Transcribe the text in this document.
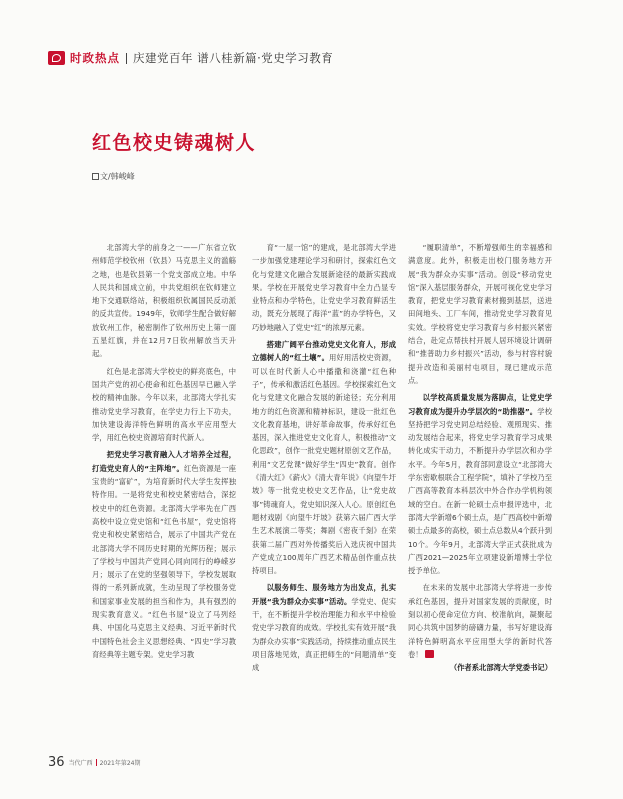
时政热点 庆建党百年 谱八桂新篇·党史学习教育
红色校史铸魂树人
文/ 韩峻峰

北部湾大学的前身之一——广东省立钦州师范学校钦州（钦县）马克思主义的滥觞之地，也是钦县第一个党支部成立地。中华人民共和国成立前，中共党组织在钦师建立地下交通联络站，积极组织钦属国民反动派的反共宣传。1949年，钦师学生配合做好解放钦州工作，秘密制作了钦州历史上第一面五星红旗，并在12月7日钦州解放当天升起。

红色是北部湾大学校史的鲜亮底色，中国共产党的初心使命和红色基因早已融入学校的精神血脉。今年以来，北部湾大学扎实推动党史学习教育，在学史力行上下功夫，加快建设海洋特色鲜明的高水平应用型大学，用红色校史资源培育时代新人。

把党史学习教育融入人才培养全过程，打造党史育人的“主阵地”。红色资源是一座宝贵的“富矿”，为培育新时代大学生发挥独特作用。一是将党史和校史紧密结合，深挖校史中的红色资源。北部湾大学率先在广西高校中设立党史馆和“红色书屋”，党史馆将党史和校史紧密结合，展示了中国共产党在北部湾大学不同历史时期的光辉历程；展示了学校与中国共产党同心同向同行的峥嵘岁月；展示了在党的坚强领导下，学校发展取得的一系列新成就，生动呈现了学校服务党和国家事业发展的担当和作为，具有强烈的现实教育意义。“红色书屋”设立了马列经典、中国化马克思主义经典、习近平新时代中国特色社会主义思想经典、“四史”学习教育经典等主题专架。党史学习教

育“一屋一馆”的建成，是北部湾大学进一步加强党建理论学习和研讨，探索红色文化与党建文化融合发展新途径的最新实践成果。学校在开展党史学习教育中全力凸显专业特点和办学特色，让党史学习教育鲜活生动，既充分展现了海洋“蓝”的办学特色，又巧妙地融入了党史“红”的浓厚元素。

搭建广阔平台推动党史文化育人，形成立德树人的“红土壤”。用好用活校史资源，可以在时代新人心中播撒和浇灌“红色种子”，传承和激活红色基因。学校探索红色文化与党建文化融合发展的新途径；充分利用地方的红色资源和精神标识，建设一批红色文化教育基地，讲好革命故事，传承好红色基因，深入推进党史文化育人，积极推动“文化思政”，创作一批党史题材原创文艺作品，利用“文艺党课”做好学生“四史”教育。创作《清大红》《薪火》《清大青年说》《向望牛圩坡》等一批党史校史文艺作品，让“党史故事”铸魂育人，党史知识深入人心。原创红色题材戏剧《向望牛圩坡》获第六届广西大学生艺术展演二等奖；舞剧《密夜千刻》在荣获第二届广西对外传播奖后入选庆祝中国共产党成立100周年广西艺术精品创作重点扶持项目。

以服务师生、服务地方为出发点，扎实开展“我为群众办实事”活动。学党史、促实干，在不断提升学校治理能力和水平中检验党史学习教育的成效。学校扎实有效开展“我为群众办实事”实践活动，持续推动重点民生项目落地见效，真正把师生的“问题清单”变成

“履职清单”，不断增强师生的幸福感和满意度。此外，积极走出校门服务地方开展“我为群众办实事”活动。创设“移动党史馆”深入基层服务群众，开展可视化党史学习教育，把党史学习教育素材搬到基层，送进田间地头、工厂车间，推动党史学习教育见实效。学校将党史学习教育与乡村振兴紧密结合，赴定点帮扶村开展人居环境设计调研和“推普助力乡村振兴”活动，参与村容村貌提升改造和美丽村屯项目，现已建成示范点。

以学校高质量发展为落脚点，让党史学习教育成为提升办学层次的“助推器”。学校坚持把学习党史同总结经验、观照现实、推动发展结合起来，将党史学习教育学习成果转化成实干动力，不断提升办学层次和办学水平。今年5月，教育部同意设立“北部湾大学东密歇根联合工程学院”，填补了学校乃至广西高等教育本科层次中外合作办学机构领域的空白。在新一轮硕士点申报评选中，北部湾大学新增6个硕士点，是广西高校中新增硕士点最多的高校，硕士点总数从4个跃升到10个。今年9月，北部湾大学正式获批成为广西2021—2025年立项建设新增博士学位授予单位。

在未来的发展中北部湾大学将进一步传承红色基因，提升对国家发展的贡献度，时刻以初心使命定位方向、校准航向，凝聚起同心共筑中国梦的磅礴力量，书写好建设海洋特色鲜明高水平应用型大学的新时代答卷！

（作者系北部湾大学党委书记）

36 当代广西 2021年第24期
